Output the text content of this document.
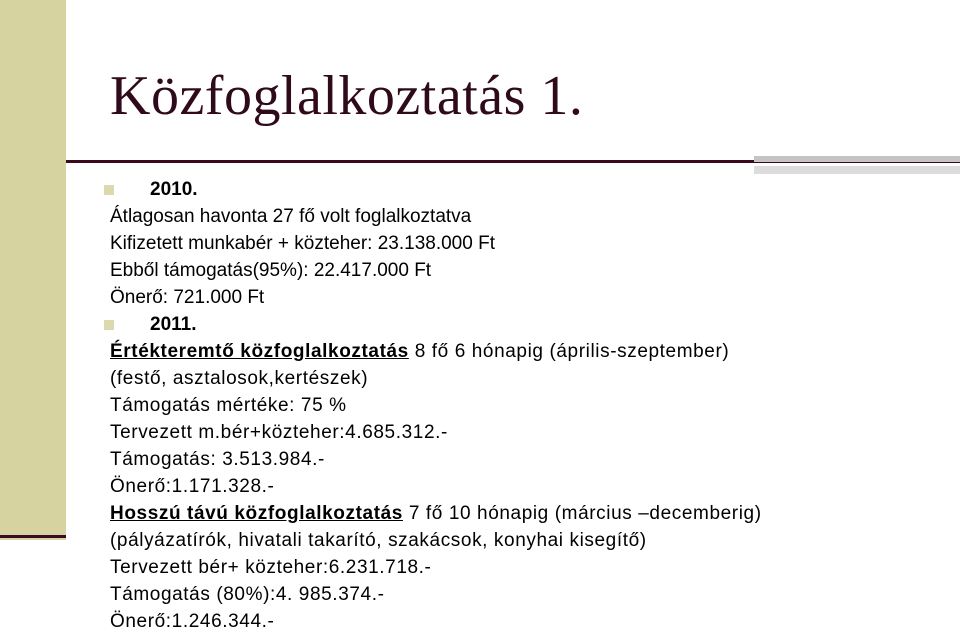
Közfoglalkoztatás 1.
2010.
Átlagosan havonta 27 fő volt foglalkoztatva
Kifizetett munkabér + közteher: 23.138.000 Ft
Ebből támogatás(95%): 22.417.000 Ft
Önerő: 721.000 Ft
2011.
Értékteremtő közfoglalkoztatás 8 fő 6 hónapig (április-szeptember)
(festő, asztalosok,kertészek)
Támogatás mértéke: 75 %
Tervezett m.bér+közteher:4.685.312.-
Támogatás: 3.513.984.-
Önerő:1.171.328.-
Hosszú távú közfoglalkoztatás 7 fő 10 hónapig (március –decemberig)
(pályázatírók, hivatali takarító, szakácsok, konyhai kisegítő)
Tervezett bér+ közteher:6.231.718.-
Támogatás (80%):4. 985.374.-
Önerő:1.246.344.-
